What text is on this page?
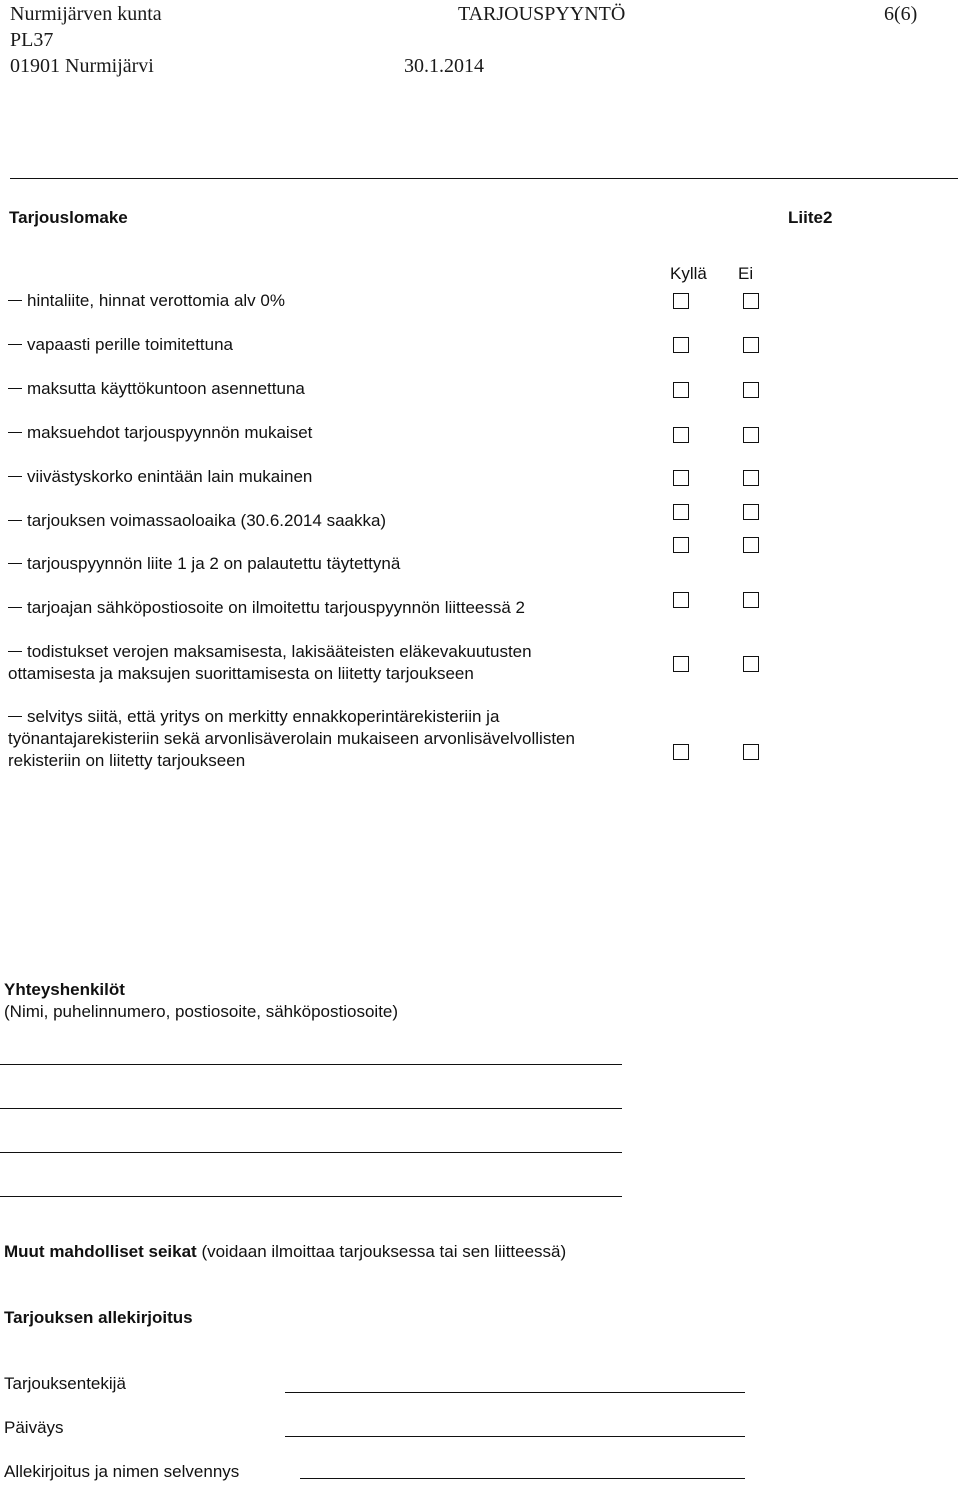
Nurmijärven kunta
PL37
01901 Nurmijärvi
TARJOUSPYYNTÖ
30.1.2014
6(6)
Tarjouslomake	Liite2
Kyllä Ei
hintaliite, hinnat verottomia alv 0%
vapaasti perille toimitettuna
maksutta käyttökuntoon asennettuna
maksuehdot tarjouspyynnön mukaiset
viivästyskorko enintään lain mukainen
tarjouksen voimassaoloaika (30.6.2014 saakka)
tarjouspyynnön liite 1 ja 2 on palautettu täytettynä
tarjoajan sähköpostiosoite on ilmoitettu tarjouspyynnön liitteessä 2
todistukset verojen maksamisesta, lakisääteisten eläkevakuutusten
ottamisesta ja maksujen suorittamisesta on liitetty tarjoukseen
selvitys siitä, että yritys on merkitty ennakkoperintärekisteriin ja
työnantajarekisteriin sekä arvonlisäverolain mukaiseen arvonlisävelvollisten
rekisteriin on liitetty tarjoukseen
Yhteyshenkilöt
(Nimi, puhelinnumero, postiosoite, sähköpostiosoite)
Muut mahdolliset seikat (voidaan ilmoittaa tarjouksessa tai sen liitteessä)
Tarjouksen allekirjoitus
Tarjouksentekijä
Päiväys
Allekirjoitus ja nimen selvennys
